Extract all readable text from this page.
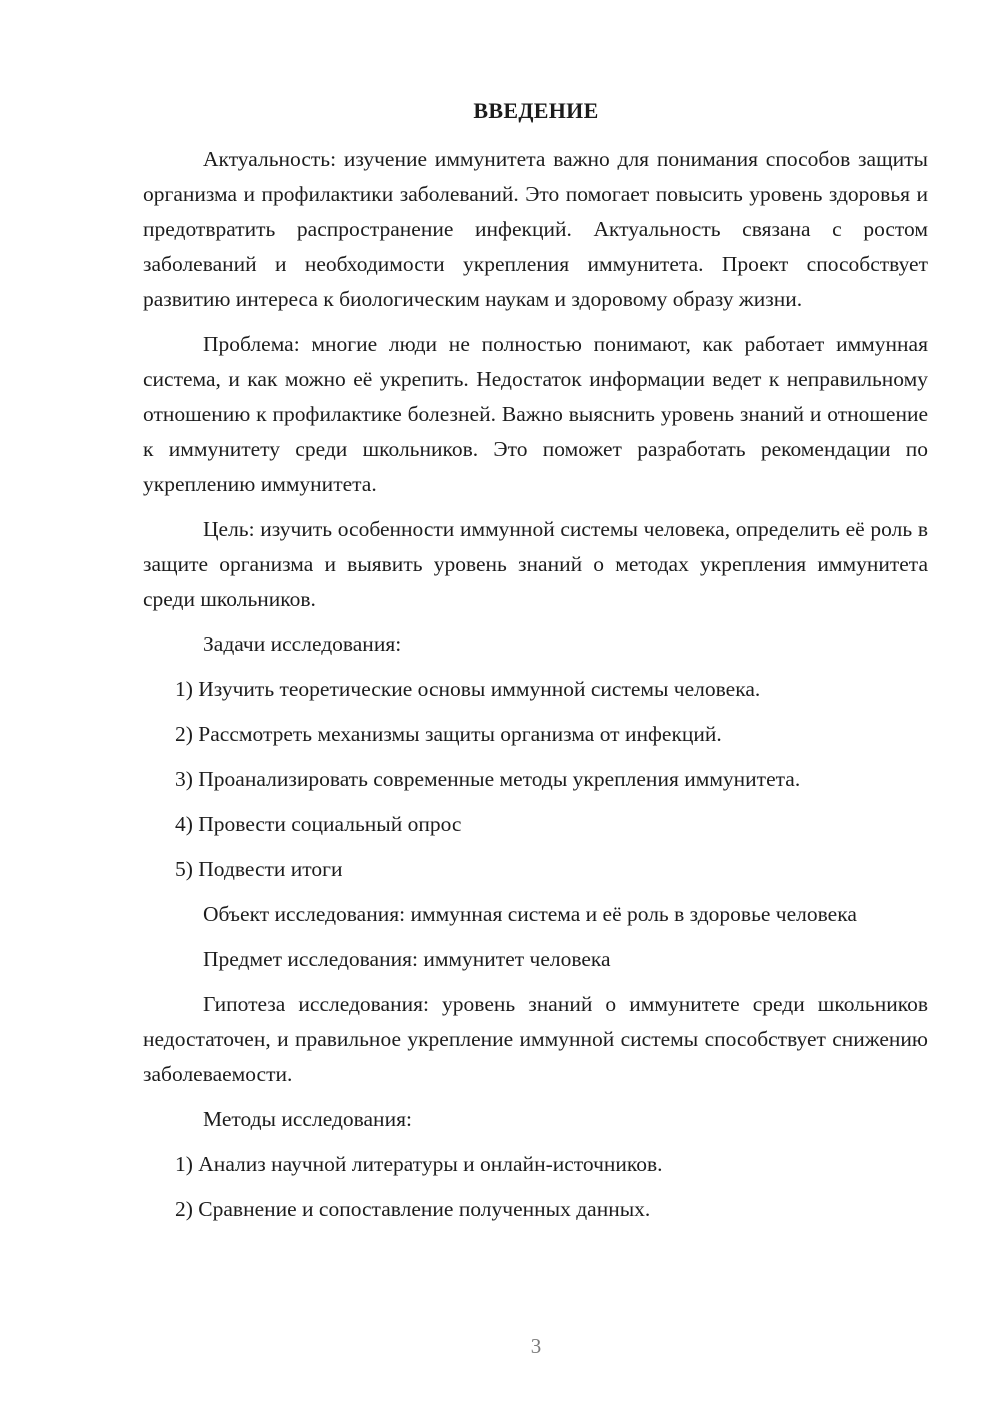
ВВЕДЕНИЕ

Актуальность: изучение иммунитета важно для понимания способов защиты организма и профилактики заболеваний. Это помогает повысить уровень здоровья и предотвратить распространение инфекций. Актуальность связана с ростом заболеваний и необходимости укрепления иммунитета. Проект способствует развитию интереса к биологическим наукам и здоровому образу жизни.

Проблема: многие люди не полностью понимают, как работает иммунная система, и как можно её укрепить. Недостаток информации ведет к неправильному отношению к профилактике болезней. Важно выяснить уровень знаний и отношение к иммунитету среди школьников. Это поможет разработать рекомендации по укреплению иммунитета.

Цель: изучить особенности иммунной системы человека, определить её роль в защите организма и выявить уровень знаний о методах укрепления иммунитета среди школьников.

Задачи исследования:

1) Изучить теоретические основы иммунной системы человека.
2) Рассмотреть механизмы защиты организма от инфекций.
3) Проанализировать современные методы укрепления иммунитета.
4) Провести социальный опрос
5) Подвести итоги

Объект исследования: иммунная система и её роль в здоровье человека

Предмет исследования: иммунитет человека

Гипотеза исследования: уровень знаний о иммунитете среди школьников недостаточен, и правильное укрепление иммунной системы способствует снижению заболеваемости.

Методы исследования:

1) Анализ научной литературы и онлайн-источников.
2) Сравнение и сопоставление полученных данных.
3
